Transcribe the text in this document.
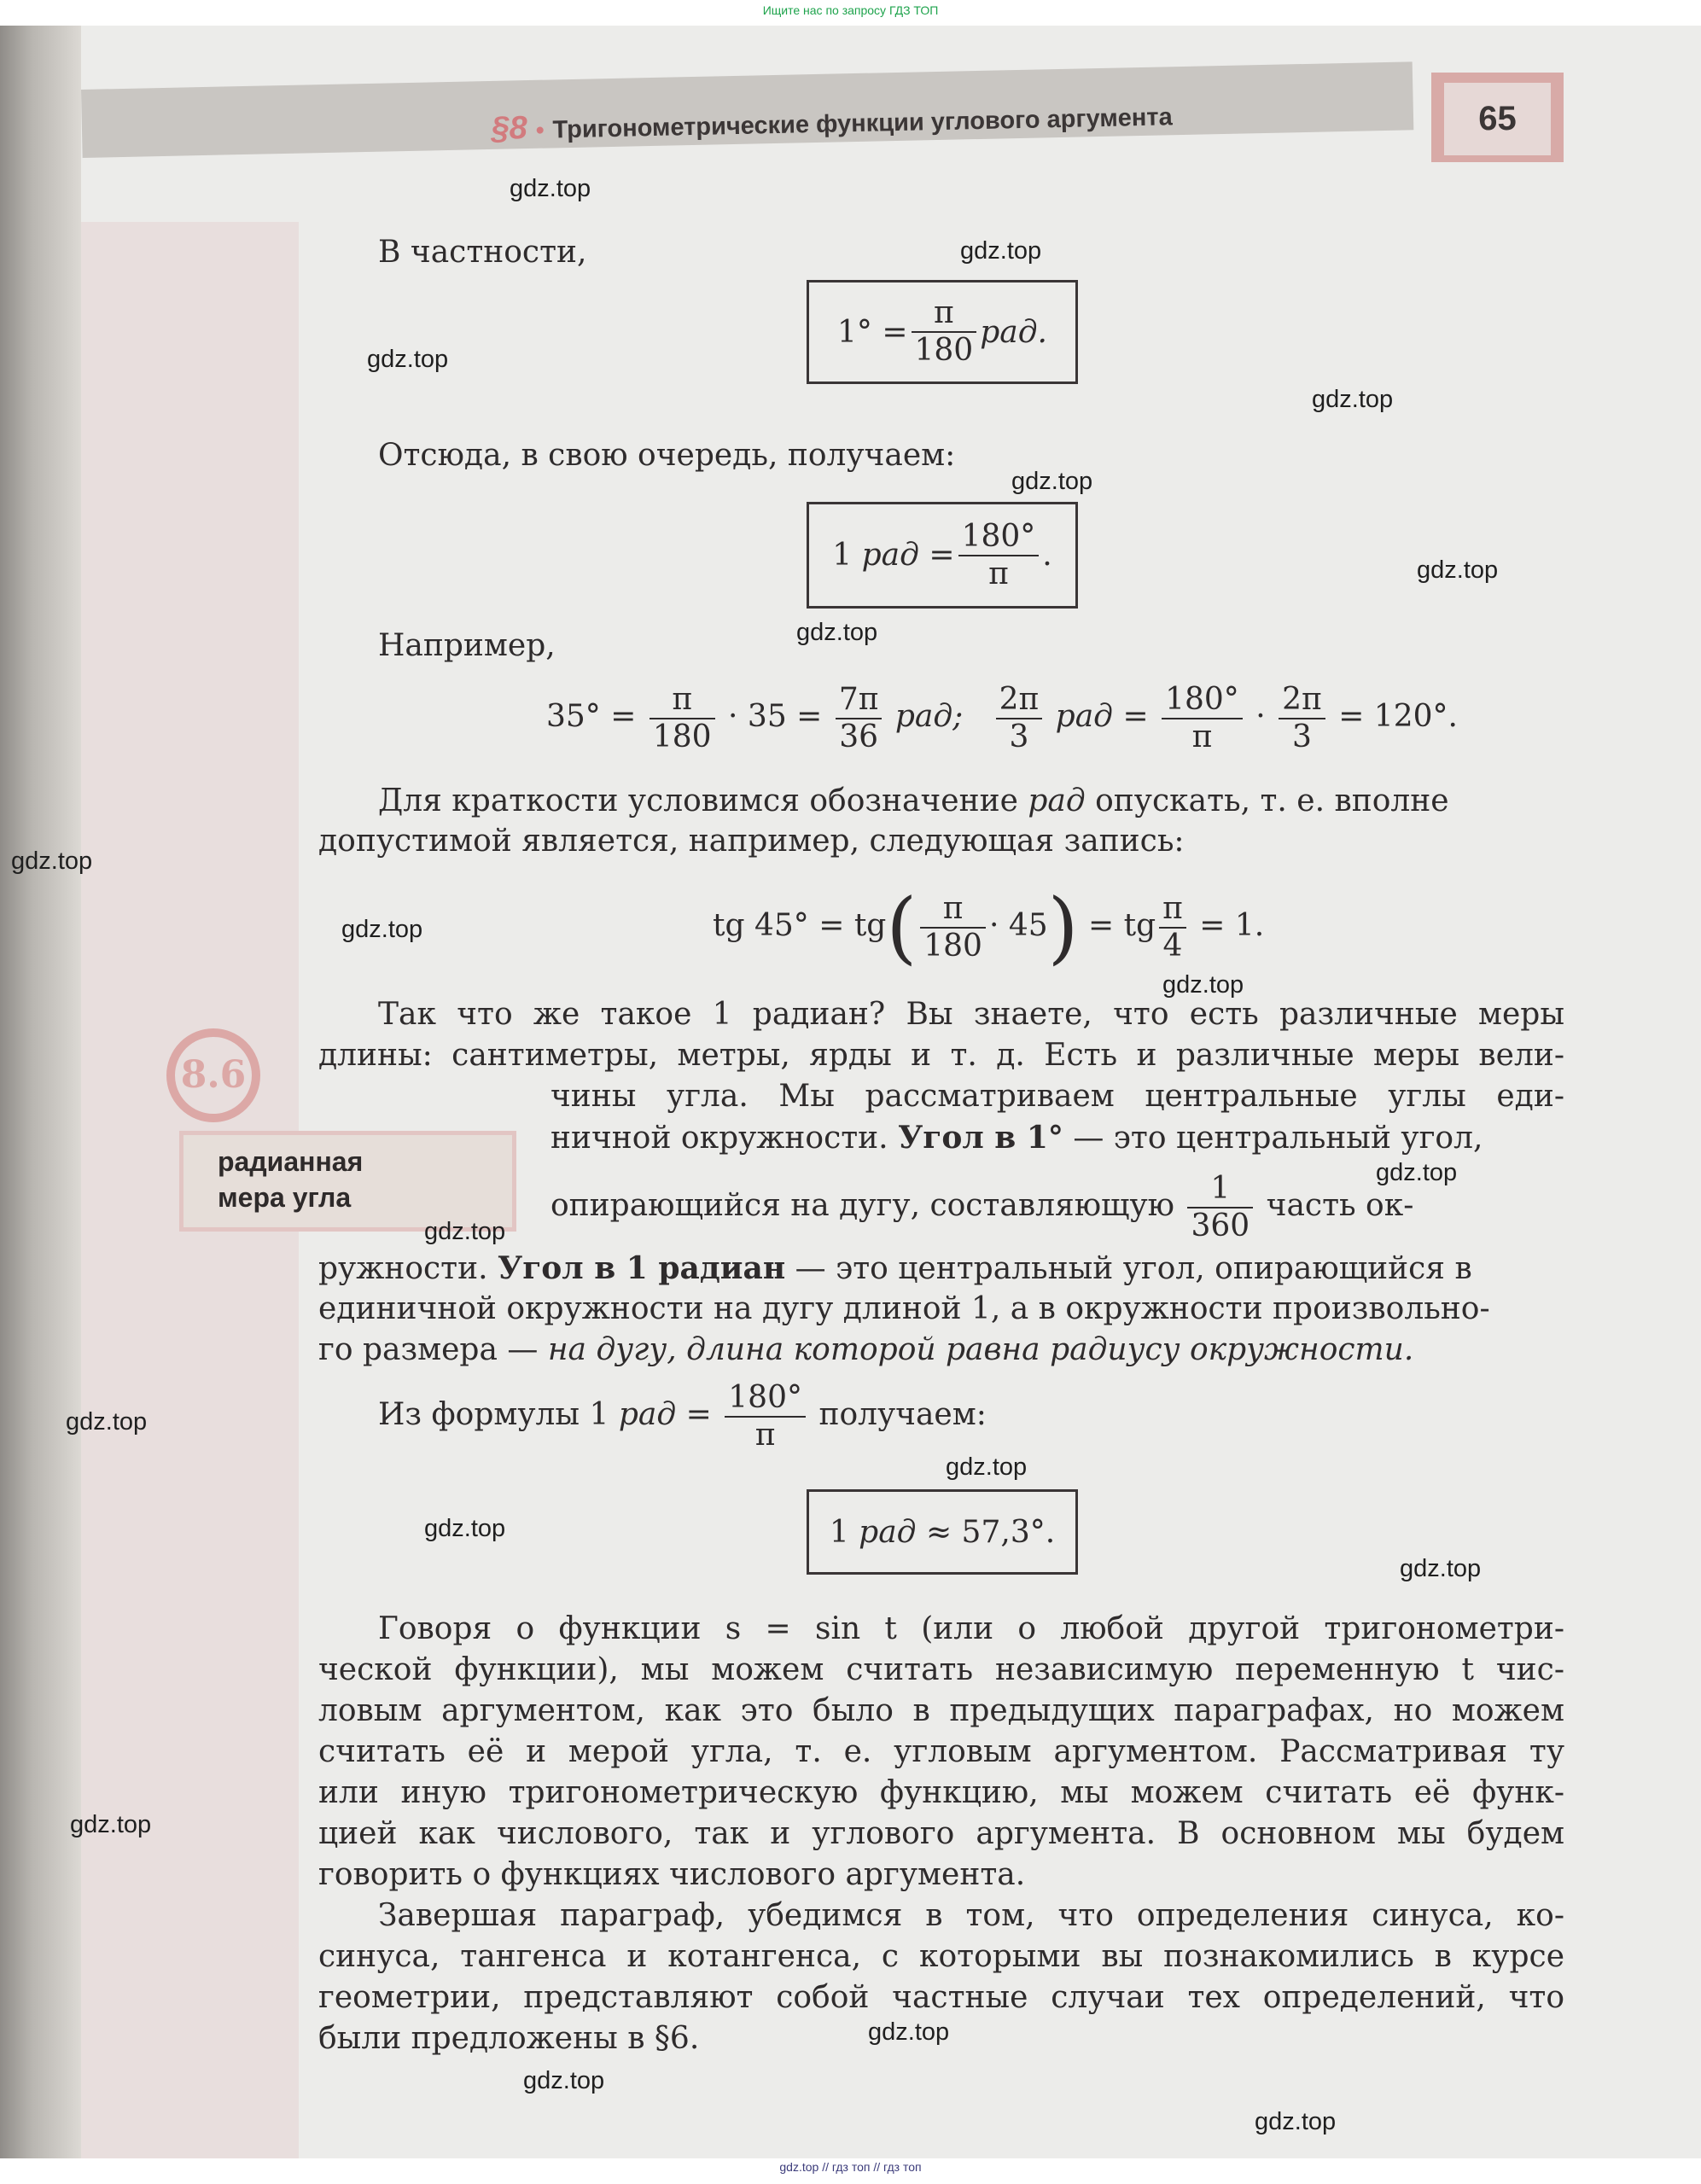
Ищите нас по запросу ГДЗ ТОП
§8 • Тригонометрические функции углового аргумента	65
8.6
радианная
мера угла
В частности,
$1^\circ = \frac{\pi}{180}$ рад.
Отсюда, в свою очередь, получаем:
1
рад
= $\frac{180^\circ}{\pi}$ .
Например,
$35^\circ = \frac{\pi}{180} \cdot 35 = \frac{7\pi}{36}$ рад; $\frac{2\pi}{3}$ рад = $\frac{180^\circ}{\pi} \cdot \frac{2\pi}{3} = 120^\circ$.
Для краткости условимся обозначение рад опускать, т. е. вполне
допустимой является, например, следующая запись:
tg $45^\circ = tg( \frac{\pi}{180} \cdot 45)$ = tg $\frac{\pi}{4} = 1$.
Так что же такое 1 радиан? Вы знаете, что есть различные меры
длины: сантиметры, метры, ярды и т. д. Есть и различные меры вели-
чины угла. Мы рассматриваем центральные углы еди-
ничной окружности. Угол в 1° — это центральный угол,
опирающийся на дугу, составляющую $\frac{1}{360}$ часть ок-
ружности. Угол в 1 радиан — это центральный угол, опирающийся в
единичной окружности на дугу длиной 1, а в окружности произвольно-
го размера — на дугу, длина которой равна радиусу окружности.
Из формулы 1 рад = $\frac{180^\circ}{\pi}$ получаем:
1
рад
≈ 57,3°.
Говоря о функции s = sin t (или о любой другой тригонометри-
ческой функции), мы можем считать независимую переменную t чис-
ловым аргументом, как это было в предыдущих параграфах, но можем
считать её и мерой угла, т. е. угловым аргументом. Рассматривая ту
или иную тригонометрическую функцию, мы можем считать её функ-
цией как числового, так и углового аргумента. В основном мы будем
говорить о функциях числового аргумента.
Завершая параграф, убедимся в том, что определения синуса, ко-
синуса, тангенса и котангенса, с которыми вы познакомились в курсе
геометрии, представляют собой частные случаи тех определений, что
были предложены в §6.
gdz.top
gdz.top
gdz.top
gdz.top
gdz.top
gdz.top
gdz.top
gdz.top
gdz.top
gdz.top
gdz.top
gdz.top
gdz.top
gdz.top
gdz.top
gdz.top
gdz.top
gdz.top
gdz.top
gdz.top
gdz.top // гдз топ // гдз топ
